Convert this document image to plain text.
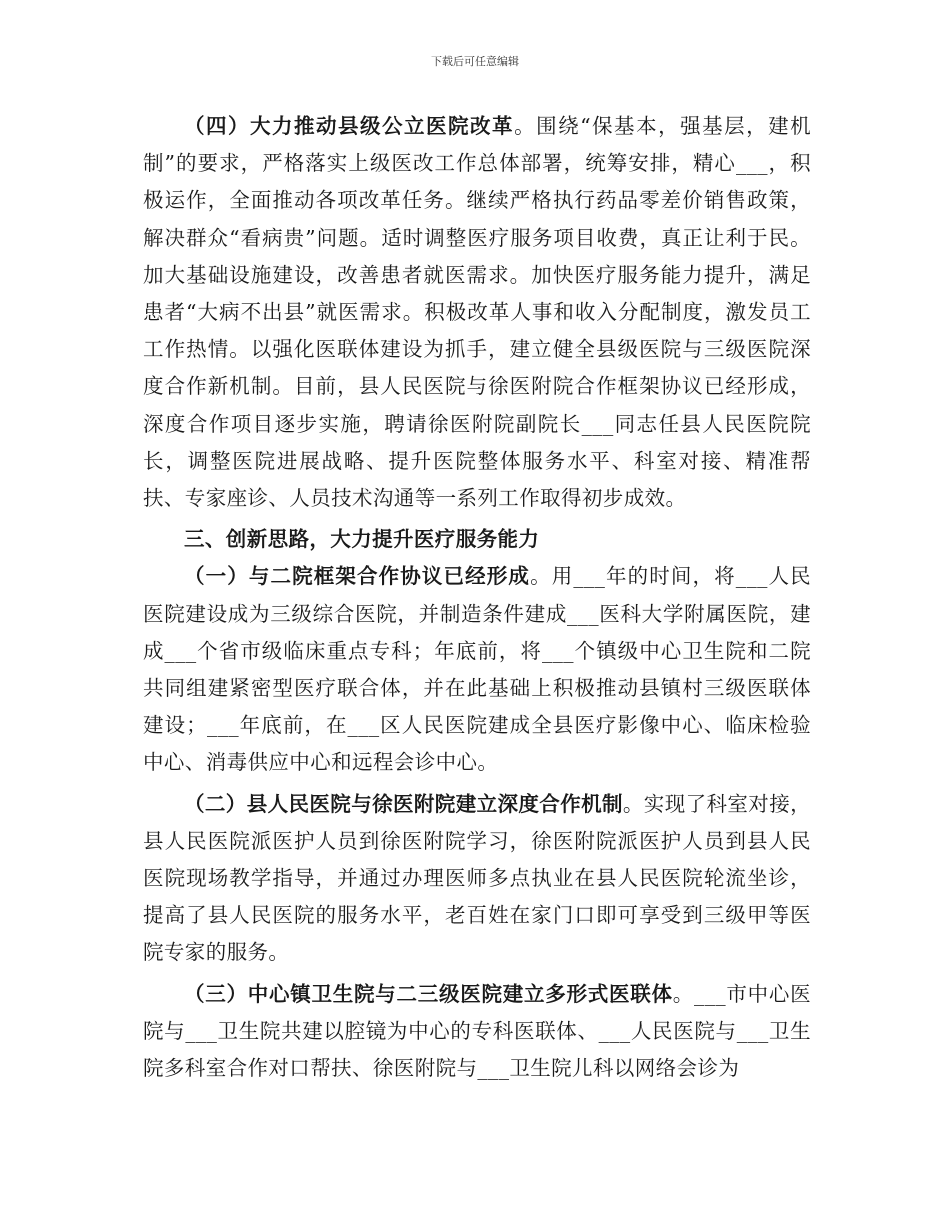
下载后可任意编辑

（四）大力推动县级公立医院改革。围绕“保基本，强基层，建机制”的要求，严格落实上级医改工作总体部署，统筹安排，精心___，积极运作，全面推动各项改革任务。继续严格执行药品零差价销售政策，解决群众“看病贵”问题。适时调整医疗服务项目收费，真正让利于民。加大基础设施建设，改善患者就医需求。加快医疗服务能力提升，满足患者“大病不出县”就医需求。积极改革人事和收入分配制度，激发员工工作热情。以强化医联体建设为抓手，建立健全县级医院与三级医院深度合作新机制。目前，县人民医院与徐医附院合作框架协议已经形成，深度合作项目逐步实施，聘请徐医附院副院长___同志任县人民医院院长，调整医院进展战略、提升医院整体服务水平、科室对接、精准帮扶、专家座诊、人员技术沟通等一系列工作取得初步成效。

三、创新思路，大力提升医疗服务能力

（一）与二院框架合作协议已经形成。用___年的时间，将___人民医院建设成为三级综合医院，并制造条件建成___医科大学附属医院，建成___个省市级临床重点专科；年底前，将___个镇级中心卫生院和二院共同组建紧密型医疗联合体，并在此基础上积极推动县镇村三级医联体建设；___年底前，在___区人民医院建成全县医疗影像中心、临床检验中心、消毒供应中心和远程会诊中心。

（二）县人民医院与徐医附院建立深度合作机制。实现了科室对接，县人民医院派医护人员到徐医附院学习，徐医附院派医护人员到县人民医院现场教学指导，并通过办理医师多点执业在县人民医院轮流坐诊，提高了县人民医院的服务水平，老百姓在家门口即可享受到三级甲等医院专家的服务。

（三）中心镇卫生院与二三级医院建立多形式医联体。___市中心医院与___卫生院共建以腔镜为中心的专科医联体、___人民医院与___卫生院多科室合作对口帮扶、徐医附院与___卫生院儿科以网络会诊为
